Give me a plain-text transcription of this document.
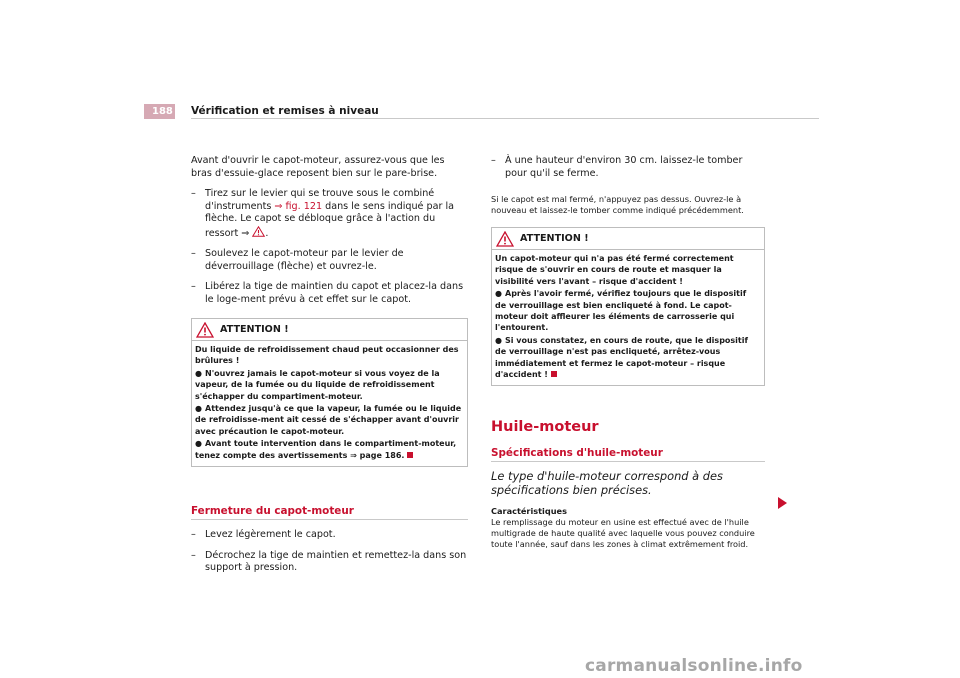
188 Vérification et remises à niveau

Avant d'ouvrir le capot-moteur, assurez-vous que les bras d'essuie-glace reposent bien sur le pare-brise.

– Tirez sur le levier qui se trouve sous le combiné d'instruments ⇒ fig. 121 dans le sens indiqué par la flèche. Le capot se débloque grâce à l'action du ressort ⇒ .
– Soulevez le capot-moteur par le levier de déverrouillage (flèche) et ouvrez-le.
– Libérez la tige de maintien du capot et placez-la dans le loge-ment prévu à cet effet sur le capot.
ATTENTION !
Du liquide de refroidissement chaud peut occasionner des brûlures !
● N'ouvrez jamais le capot-moteur si vous voyez de la vapeur, de la fumée ou du liquide de refroidissement s'échapper du compartiment-moteur.
● Attendez jusqu'à ce que la vapeur, la fumée ou le liquide de refroidisse-ment ait cessé de s'échapper avant d'ouvrir avec précaution le capot-moteur.
● Avant toute intervention dans le compartiment-moteur, tenez compte des avertissements ⇒ page 186.
Fermeture du capot-moteur
– Levez légèrement le capot.
– Décrochez la tige de maintien et remettez-la dans son support à pression.
– À une hauteur d'environ 30 cm. laissez-le tomber pour qu'il se ferme.

Si le capot est mal fermé, n'appuyez pas dessus. Ouvrez-le à nouveau et laissez-le tomber comme indiqué précédemment.

ATTENTION !
Un capot-moteur qui n'a pas été fermé correctement risque de s'ouvrir en cours de route et masquer la visibilité vers l'avant – risque d'accident !
● Après l'avoir fermé, vérifiez toujours que le dispositif de verrouillage est bien encliqueté à fond. Le capot-moteur doit affleurer les éléments de carrosserie qui l'entourent.
● Si vous constatez, en cours de route, que le dispositif de verrouillage n'est pas encliqueté, arrêtez-vous immédiatement et fermez le capot-moteur – risque d'accident !
Huile-moteur
Spécifications d'huile-moteur

Le type d'huile-moteur correspond à des spécifications bien précises.

Caractéristiques

Le remplissage du moteur en usine est effectué avec de l'huile multigrade de haute qualité avec laquelle vous pouvez conduire toute l'année, sauf dans les zones à climat extrêmement froid.

carmanualsonline.info
